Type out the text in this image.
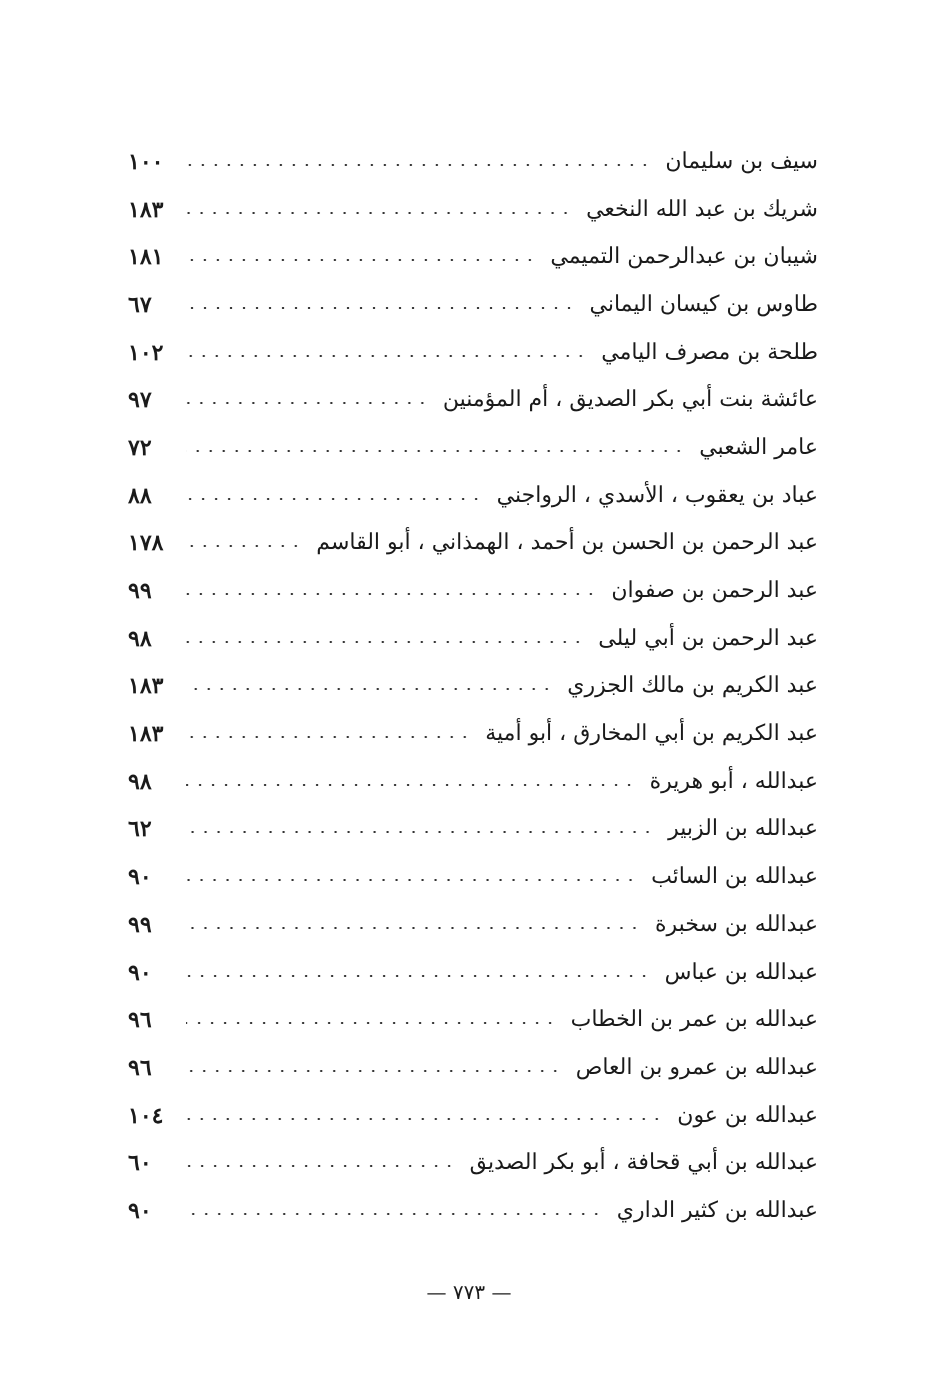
سيف بن سليمان
١٠٠
شريك بن عبد الله النخعي
١٨٣
شيبان بن عبدالرحمن التميمي
١٨١
طاوس بن كيسان اليماني
٦٧
طلحة بن مصرف اليامي
١٠٢
عائشة بنت أبي بكر الصديق ، أم المؤمنين
٩٧
عامر الشعبي
٧٢
عباد بن يعقوب ، الأسدي ، الرواجني
٨٨
عبد الرحمن بن الحسن بن أحمد ، الهمذاني ، أبو القاسم
١٧٨
عبد الرحمن بن صفوان
٩٩
عبد الرحمن بن أبي ليلى
٩٨
عبد الكريم بن مالك الجزري
١٨٣
عبد الكريم بن أبي المخارق ، أبو أمية
١٨٣
عبدالله ، أبو هريرة
٩٨
عبدالله بن الزبير
٦٢
عبدالله بن السائب
٩٠
عبدالله بن سخبرة
٩٩
عبدالله بن عباس
٩٠
عبدالله بن عمر بن الخطاب
٩٦
عبدالله بن عمرو بن العاص
٩٦
عبدالله بن عون
١٠٤
عبدالله بن أبي قحافة ، أبو بكر الصديق
٦٠
عبدالله بن كثير الداري
٩٠
— ٧٧٣ —
